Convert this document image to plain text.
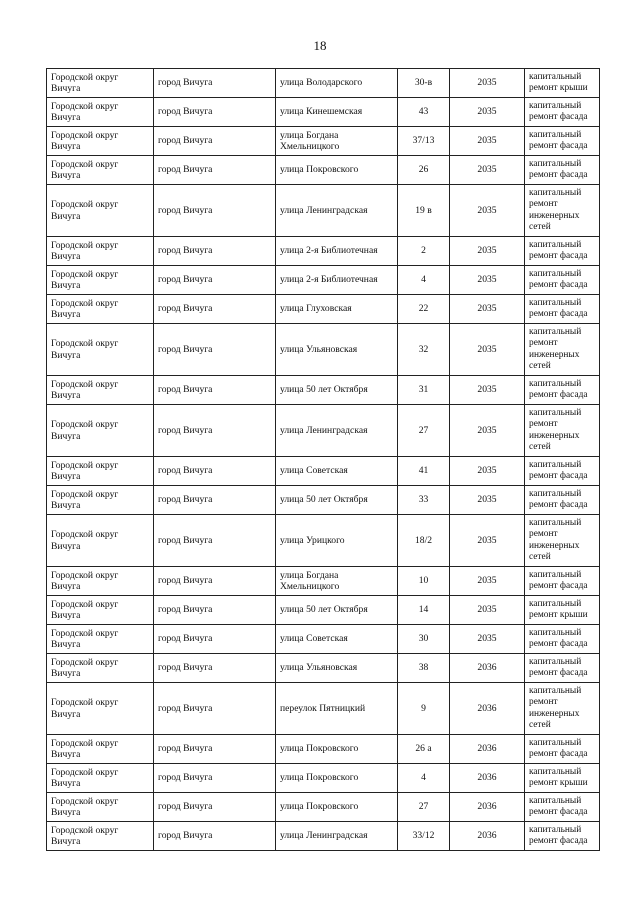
18
Городской округ Вичуга	город Вичуга	улица Володарского	30-в	2035	капитальный ремонт крыши
Городской округ Вичуга	город Вичуга	улица Кинешемская	43	2035	капитальный ремонт фасада
Городской округ Вичуга	город Вичуга	улица Богдана Хмельницкого	37/13	2035	капитальный ремонт фасада
Городской округ Вичуга	город Вичуга	улица Покровского	26	2035	капитальный ремонт фасада
Городской округ Вичуга	город Вичуга	улица Ленинградская	19 в	2035	капитальный ремонт инженерных сетей
Городской округ Вичуга	город Вичуга	улица 2-я Библиотечная	2	2035	капитальный ремонт фасада
Городской округ Вичуга	город Вичуга	улица 2-я Библиотечная	4	2035	капитальный ремонт фасада
Городской округ Вичуга	город Вичуга	улица Глуховская	22	2035	капитальный ремонт фасада
Городской округ Вичуга	город Вичуга	улица Ульяновская	32	2035	капитальный ремонт инженерных сетей
Городской округ Вичуга	город Вичуга	улица 50 лет Октября	31	2035	капитальный ремонт фасада
Городской округ Вичуга	город Вичуга	улица Ленинградская	27	2035	капитальный ремонт инженерных сетей
Городской округ Вичуга	город Вичуга	улица Советская	41	2035	капитальный ремонт фасада
Городской округ Вичуга	город Вичуга	улица 50 лет Октября	33	2035	капитальный ремонт фасада
Городской округ Вичуга	город Вичуга	улица Урицкого	18/2	2035	капитальный ремонт инженерных сетей
Городской округ Вичуга	город Вичуга	улица Богдана Хмельницкого	10	2035	капитальный ремонт фасада
Городской округ Вичуга	город Вичуга	улица 50 лет Октября	14	2035	капитальный ремонт крыши
Городской округ Вичуга	город Вичуга	улица Советская	30	2035	капитальный ремонт фасада
Городской округ Вичуга	город Вичуга	улица Ульяновская	38	2036	капитальный ремонт фасада
Городской округ Вичуга	город Вичуга	переулок Пятницкий	9	2036	капитальный ремонт инженерных сетей
Городской округ Вичуга	город Вичуга	улица Покровского	26 а	2036	капитальный ремонт фасада
Городской округ Вичуга	город Вичуга	улица Покровского	4	2036	капитальный ремонт крыши
Городской округ Вичуга	город Вичуга	улица Покровского	27	2036	капитальный ремонт фасада
Городской округ Вичуга	город Вичуга	улица Ленинградская	33/12	2036	капитальный ремонт фасада
